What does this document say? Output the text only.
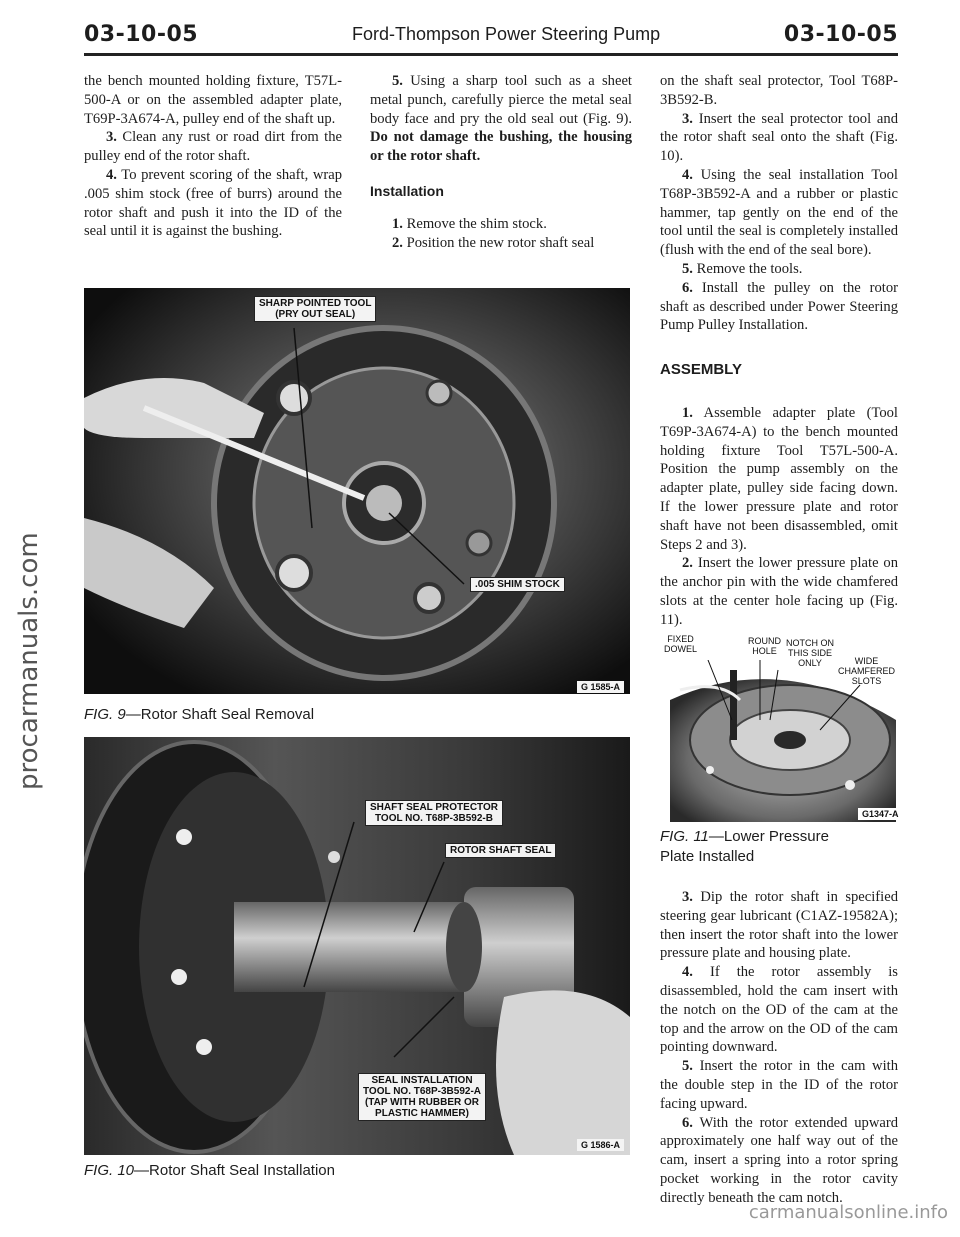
03-10-05	Ford-Thompson Power Steering Pump	03-10-05

the bench mounted holding fixture, T57L-500-A or on the assembled adapter plate, T69P-3A674-A, pulley end of the shaft up.

3. Clean any rust or road dirt from the pulley end of the rotor shaft.

4. To prevent scoring of the shaft, wrap .005 shim stock (free of burrs) around the rotor shaft and push it into the ID of the seal until it is against the bushing.

5. Using a sharp tool such as a sheet metal punch, carefully pierce the metal seal body face and pry the old seal out (Fig. 9). Do not damage the bushing, the housing or the rotor shaft.

Installation

1. Remove the shim stock.

2. Position the new rotor shaft seal

on the shaft seal protector, Tool T68P-3B592-B.

3. Insert the seal protector tool and the rotor shaft seal onto the shaft (Fig. 10).

4. Using the seal installation Tool T68P-3B592-A and a rubber or plastic hammer, tap gently on the end of the tool until the seal is completely installed (flush with the end of the seal bore).

5. Remove the tools.

6. Install the pulley on the rotor shaft as described under Power Steering Pump Pulley Installation.

ASSEMBLY

1. Assemble adapter plate (Tool T69P-3A674-A) to the bench mounted holding fixture Tool T57L-500-A. Position the pump assembly on the adapter plate, pulley side facing down. If the lower pressure plate and rotor shaft have not been disassembled, omit Steps 2 and 3).

2. Insert the lower pressure plate on the anchor pin with the wide chamfered slots at the center hole facing up (Fig. 11).

3. Dip the rotor shaft in specified steering gear lubricant (C1AZ-19582A); then insert the rotor shaft into the lower pressure plate and housing plate.

4. If the rotor assembly is disassembled, hold the cam insert with the notch on the OD of the cam at the top and the arrow on the OD of the cam pointing downward.

5. Insert the rotor in the cam with the double step in the ID of the rotor facing upward.

6. With the rotor extended upward approximately one half way out of the cam, insert a spring into a rotor spring pocket working in the rotor cavity directly beneath the cam notch.

SHARP POINTED TOOL
(PRY OUT SEAL)
.005 SHIM STOCK
G 1585-A
FIG. 9—Rotor Shaft Seal Removal
SHAFT SEAL PROTECTOR
TOOL NO. T68P-3B592-B
ROTOR SHAFT SEAL
SEAL INSTALLATION
TOOL NO. T68P-3B592-A
(TAP WITH RUBBER OR
PLASTIC HAMMER)
G 1586-A
FIG. 10—Rotor Shaft Seal Installation
FIXED
DOWEL
ROUND
HOLE
NOTCH ON
THIS SIDE
ONLY	WIDE
CHAMFERED
SLOTS
G1347-A
FIG. 11—Lower Pressure
Plate Installed
procarmanuals.com
carmanualsonline.info
